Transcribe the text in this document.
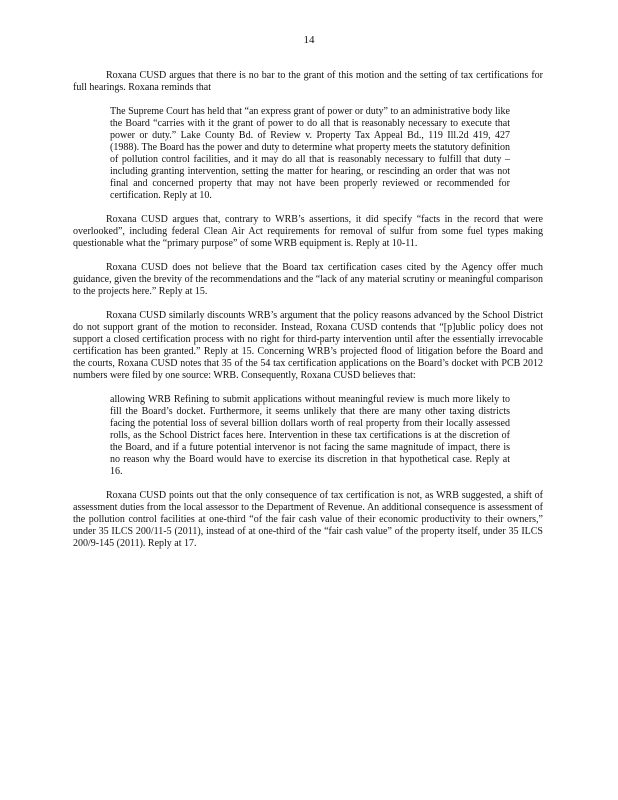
14

Roxana CUSD argues that there is no bar to the grant of this motion and the setting of tax certifications for full hearings. Roxana reminds that

The Supreme Court has held that “an express grant of power or duty” to an administrative body like the Board “carries with it the grant of power to do all that is reasonably necessary to execute that power or duty.” Lake County Bd. of Review v. Property Tax Appeal Bd., 119 Ill.2d 419, 427 (1988). The Board has the power and duty to determine what property meets the statutory definition of pollution control facilities, and it may do all that is reasonably necessary to fulfill that duty – including granting intervention, setting the matter for hearing, or rescinding an order that was not final and concerned property that may not have been properly reviewed or recommended for certification. Reply at 10.

Roxana CUSD argues that, contrary to WRB’s assertions, it did specify “facts in the record that were overlooked”, including federal Clean Air Act requirements for removal of sulfur from some fuel types making questionable what the “primary purpose” of some WRB equipment is. Reply at 10-11.

Roxana CUSD does not believe that the Board tax certification cases cited by the Agency offer much guidance, given the brevity of the recommendations and the “lack of any material scrutiny or meaningful comparison to the projects here.” Reply at 15.

Roxana CUSD similarly discounts WRB’s argument that the policy reasons advanced by the School District do not support grant of the motion to reconsider. Instead, Roxana CUSD contends that “[p]ublic policy does not support a closed certification process with no right for third-party intervention until after the essentially irrevocable certification has been granted.” Reply at 15. Concerning WRB’s projected flood of litigation before the Board and the courts, Roxana CUSD notes that 35 of the 54 tax certification applications on the Board’s docket with PCB 2012 numbers were filed by one source: WRB. Consequently, Roxana CUSD believes that:

allowing WRB Refining to submit applications without meaningful review is much more likely to fill the Board’s docket. Furthermore, it seems unlikely that there are many other taxing districts facing the potential loss of several billion dollars worth of real property from their locally assessed rolls, as the School District faces here. Intervention in these tax certifications is at the discretion of the Board, and if a future potential intervenor is not facing the same magnitude of impact, there is no reason why the Board would have to exercise its discretion in that hypothetical case. Reply at 16.

Roxana CUSD points out that the only consequence of tax certification is not, as WRB suggested, a shift of assessment duties from the local assessor to the Department of Revenue. An additional consequence is assessment of the pollution control facilities at one-third “of the fair cash value of their economic productivity to their owners,” under 35 ILCS 200/11-5 (2011), instead of at one-third of the “fair cash value” of the property itself, under 35 ILCS 200/9-145 (2011). Reply at 17.
